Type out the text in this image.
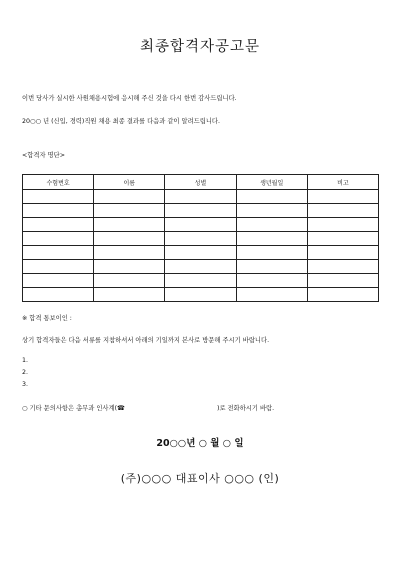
최종합격자공고문
이번 당사가 실시한 사원채용시험에 응시해 주신 것을 다시 한번 감사드립니다.
20○○ 년 (신입, 경력)직원 채용 최종 결과를 다음과 같이 알려드립니다.
<합격자 명단>
수험번호	이름	성별	생년월일	비고

※ 합격 통보이인 :
상기 합격자들은 다음 서류를 지참하셔서 아래의 기일까지 본사로 방문해 주시기 바랍니다.
1.
2.
3.
○ 기타 문의사항은 총무과 인사계(☎	)로 전화하시기 바람.
20○○년 ○ 월 ○ 일
(주)○○○ 대표이사 ○○○ (인)
